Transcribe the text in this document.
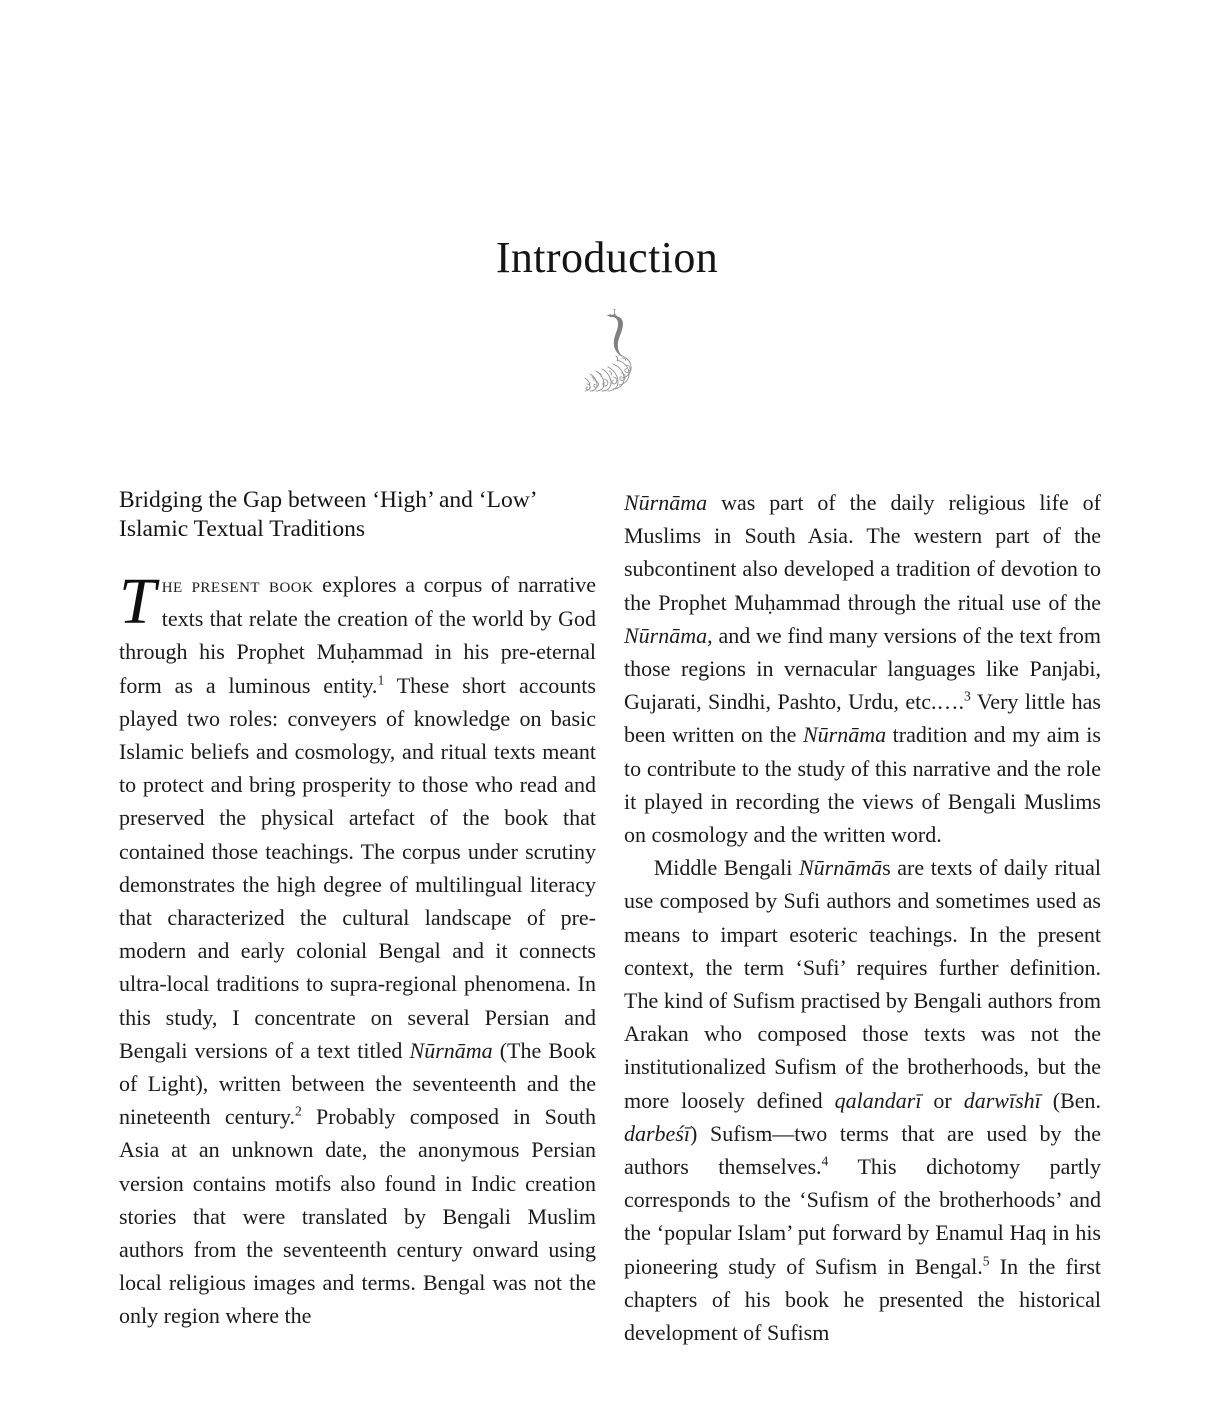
Introduction
Bridging the Gap between ‘High’ and ‘Low’
Islamic Textual Traditions

The present book explores a corpus of narrative texts that relate the creation of the world by God through his Prophet Muḥammad in his pre-eternal form as a luminous entity.$^1$ These short accounts played two roles: conveyers of knowledge on basic Islamic beliefs and cosmology, and ritual texts meant to protect and bring prosperity to those who read and preserved the physical artefact of the book that contained those teachings. The corpus under scrutiny demonstrates the high degree of multilingual literacy that characterized the cultural landscape of pre-modern and early colonial Bengal and it connects ultra-local traditions to supra-regional phenomena. In this study, I concentrate on several Persian and Bengali versions of a text titled Nūrnāma (The Book of Light), written between the seventeenth and the nineteenth century.$^2$ Probably composed in South Asia at an unknown date, the anonymous Persian version contains motifs also found in Indic creation stories that were translated by Bengali Muslim authors from the seventeenth century onward using local religious images and terms. Bengal was not the only region where the

Nūrnāma was part of the daily religious life of Muslims in South Asia. The western part of the subcontinent also developed a tradition of devotion to the Prophet Muḥammad through the ritual use of the Nūrnāma, and we find many versions of the text from those regions in vernacular languages like Panjabi, Gujarati, Sindhi, Pashto, Urdu, etc.….$^3$ Very little has been written on the Nūrnāma tradition and my aim is to contribute to the study of this narrative and the role it played in recording the views of Bengali Muslims on cosmology and the written word.

Middle Bengali Nūrnāmās are texts of daily ritual use composed by Sufi authors and sometimes used as means to impart esoteric teachings. In the present context, the term ‘Sufi’ requires further definition. The kind of Sufism practised by Bengali authors from Arakan who composed those texts was not the institutionalized Sufism of the brotherhoods, but the more loosely defined qalandarī or darwīshī (Ben. darbeśī) Sufism—two terms that are used by the authors themselves.$^4$ This dichotomy partly corresponds to the ‘Sufism of the brotherhoods’ and the ‘popular Islam’ put forward by Enamul Haq in his pioneering study of Sufism in Bengal.$^5$ In the first chapters of his book he presented the historical development of Sufism
